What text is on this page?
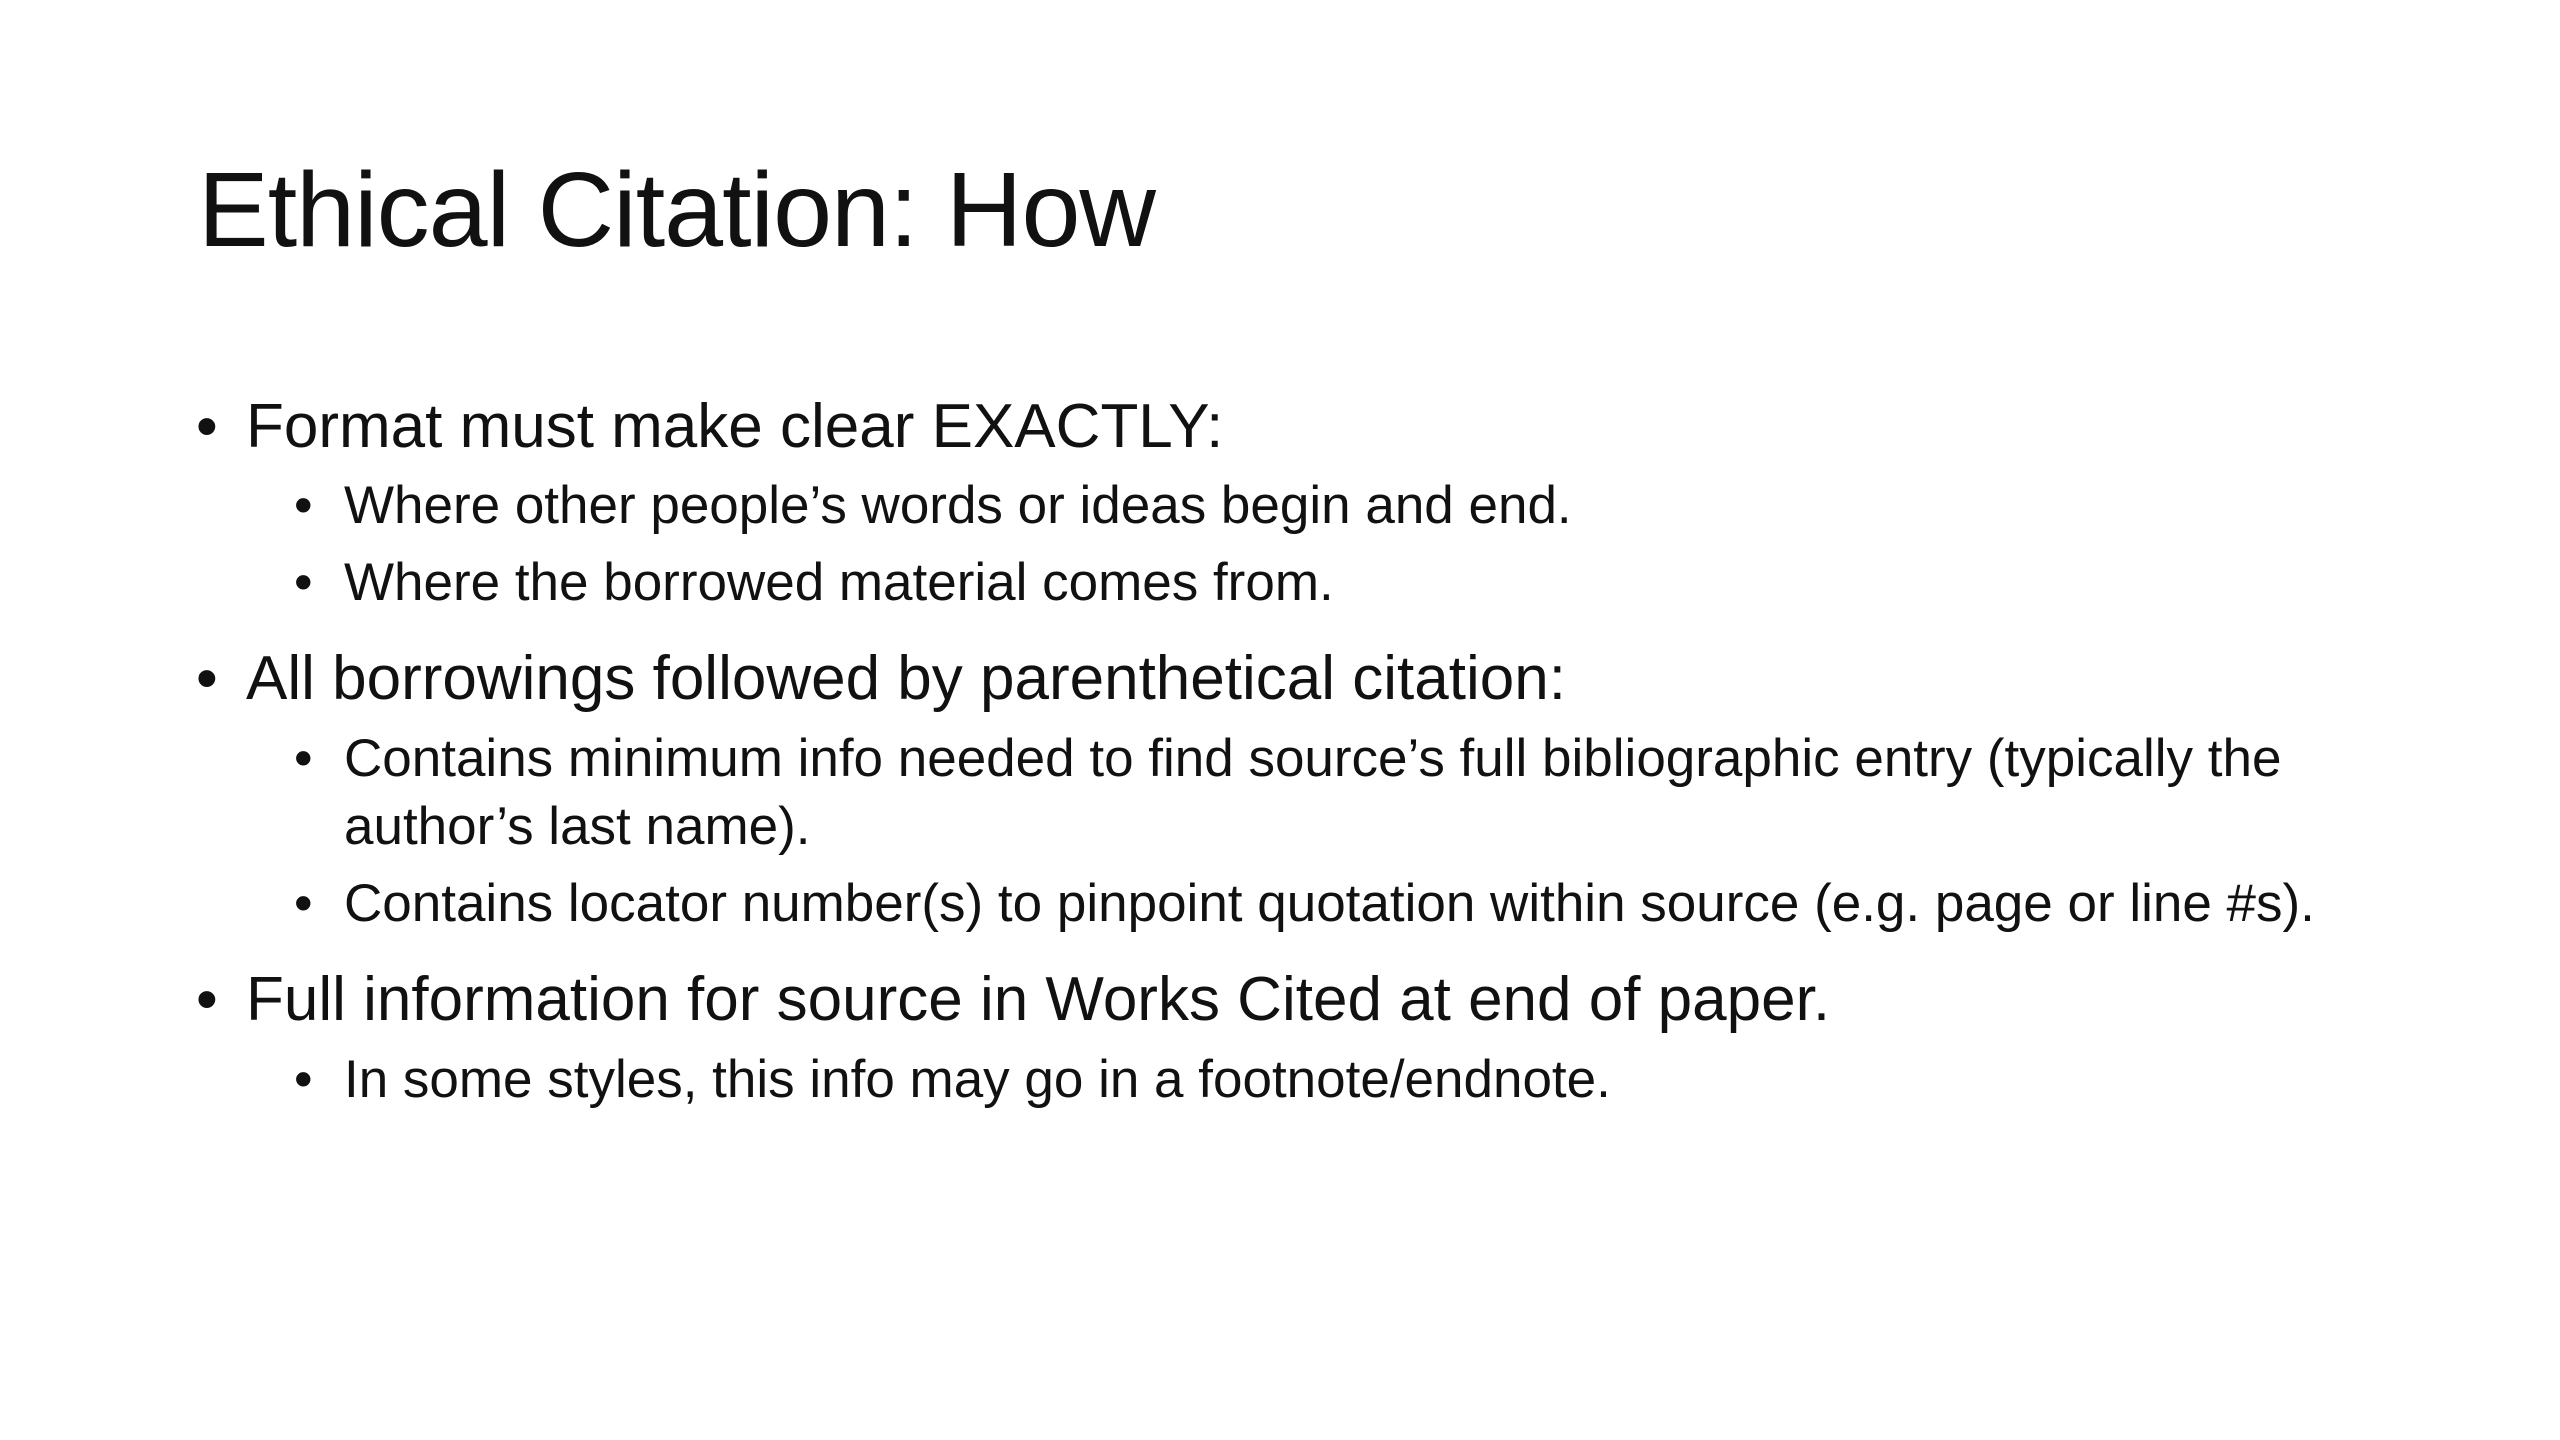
Ethical Citation: How
• Format must make clear EXACTLY:
• Where other people’s words or ideas begin and end.
• Where the borrowed material comes from.
• All borrowings followed by parenthetical citation:
• Contains minimum info needed to find source’s full bibliographic entry (typically the author’s last name).
• Contains locator number(s) to pinpoint quotation within source (e.g. page or line #s).
• Full information for source in Works Cited at end of paper.
• In some styles, this info may go in a footnote/endnote.
